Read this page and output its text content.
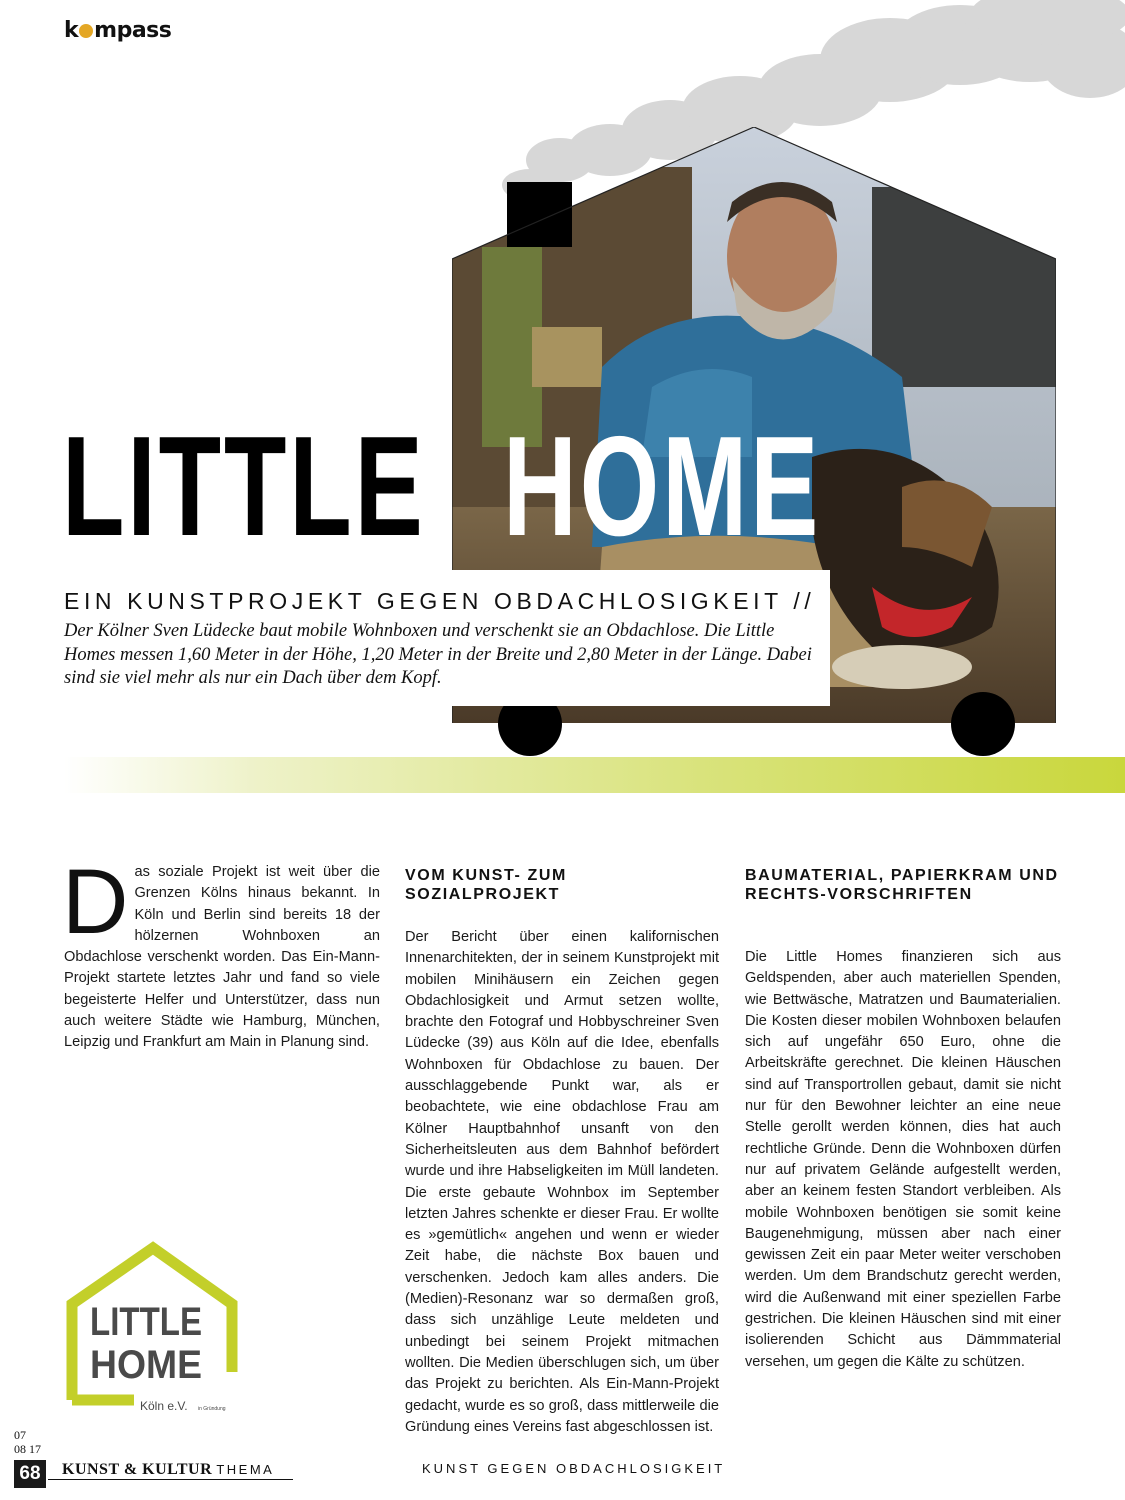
k mpass
LITTLE HOME
EIN KUNSTPROJEKT GEGEN OBDACHLOSIGKEIT //
Der Kölner Sven Lüdecke baut mobile Wohnboxen und verschenkt sie an Obdachlose. Die Little Homes messen 1,60 Meter in der Höhe, 1,20 Meter in der Breite und 2,80 Meter in der Länge. Dabei sind sie viel mehr als nur ein Dach über dem Kopf.
Das soziale Projekt ist weit über die Grenzen Kölns hinaus bekannt. In Köln und Berlin sind bereits 18 der hölzernen Wohnboxen an Obdachlose verschenkt worden. Das Ein-Mann-Projekt startete letztes Jahr und fand so viele begeisterte Helfer und Unterstützer, dass nun auch weitere Städte wie Hamburg, München, Leipzig und Frankfurt am Main in Planung sind.
VOM KUNST- ZUM SOZIALPROJEKT
Der Bericht über einen kalifornischen Innenarchitekten, der in seinem Kunstprojekt mit mobilen Minihäusern ein Zeichen gegen Obdachlosigkeit und Armut setzen wollte, brachte den Fotograf und Hobbyschreiner Sven Lüdecke (39) aus Köln auf die Idee, ebenfalls Wohnboxen für Obdachlose zu bauen. Der ausschlaggebende Punkt war, als er beobachtete, wie eine obdachlose Frau am Kölner Hauptbahnhof unsanft von den Sicherheitsleuten aus dem Bahnhof befördert wurde und ihre Habseligkeiten im Müll landeten. Die erste gebaute Wohnbox im September letzten Jahres schenkte er dieser Frau. Er wollte es »gemütlich« angehen und wenn er wieder Zeit habe, die nächste Box bauen und verschenken. Jedoch kam alles anders. Die (Medien)-Resonanz war so dermaßen groß, dass sich unzählige Leute meldeten und unbedingt bei seinem Projekt mitmachen wollten. Die Medien überschlugen sich, um über das Projekt zu berichten. Als Ein-Mann-Projekt gedacht, wurde es so groß, dass mittlerweile die Gründung eines Vereins fast abgeschlossen ist.
BAUMATERIAL, PAPIERKRAM UND RECHTS-VORSCHRIFTEN
Die Little Homes finanzieren sich aus Geldspenden, aber auch materiellen Spenden, wie Bettwäsche, Matratzen und Baumaterialien. Die Kosten dieser mobilen Wohnboxen belaufen sich auf ungefähr 650 Euro, ohne die Arbeitskräfte gerechnet. Die kleinen Häuschen sind auf Transportrollen gebaut, damit sie nicht nur für den Bewohner leichter an eine neue Stelle gerollt werden können, dies hat auch rechtliche Gründe. Denn die Wohnboxen dürfen nur auf privatem Gelände aufgestellt werden, aber an keinem festen Standort verbleiben. Als mobile Wohnboxen benötigen sie somit keine Baugenehmigung, müssen aber nach einer gewissen Zeit ein paar Meter weiter verschoben werden. Um dem Brandschutz gerecht werden, wird die Außenwand mit einer speziellen Farbe gestrichen. Die kleinen Häuschen sind mit einer isolierenden Schicht aus Dämmmaterial versehen, um gegen die Kälte zu schützen.
LITTLE
HOME
Köln e.V. in Gründung
07
08 17
68	KUNST & KULTUR THEMA	KUNST GEGEN OBDACHLOSIGKEIT
